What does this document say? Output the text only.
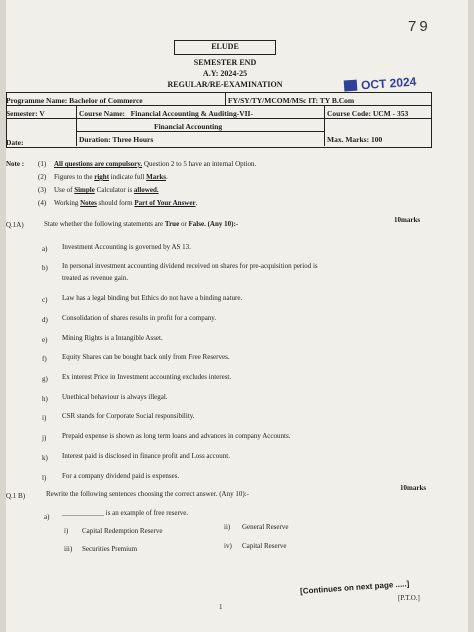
79
ELUDE
SEMESTER END
A.Y: 2024-25
REGULAR/RE-EXAMINATION	OCT 2024
Programme Name: Bachelor of Commerce	FY/SY/TY/MCOM/MSc IT: TY B.Com
Semester: V	Course Name: Financial Accounting & Auditing-VII-	Course Code: UCM - 353
Financial Accounting
Date:	Duration: Three Hours	Max. Marks: 100
Note : (1) All questions are compulsory. Question 2 to 5 have an internal Option.
(2) Figures to the right indicate full Marks.
(3) Use of Simple Calculator is allowed.
(4) Working Notes should form Part of Your Answer.
Q.1A)	State whether the following statements are True or False. (Any 10):-	10marks
a) Investment Accounting is governed by AS 13.
b) In personal investment accounting dividend received on shares for pre-acquisition period is
treated as revenue gain.
c) Law has a legal binding but Ethics do not have a binding nature.
d) Consolidation of shares results in profit for a company.
e) Mining Rights is a Intangible Asset.
f) Equity Shares can be bought back only from Free Reserves.
g) Ex interest Price in Investment accounting excludes interest.
h) Unethical behaviour is always illegal.
i) CSR stands for Corporate Social responsibility.
j) Prepaid expense is shown as long term loans and advances in company Accounts.
k) Interest paid is disclosed in finance profit and Loss account.
l) For a company dividend paid is expenses.
Q.1 B)	Rewrite the following sentences choosing the correct answer. (Any 10):-
10marks
a) ____________ is an example of free reserve.
i) Capital Redemption Reserve	ii) General Reserve
iii) Securities Premium	iv) Capital Reserve
[Continues on next page .....]
[P.T.O.]
1
